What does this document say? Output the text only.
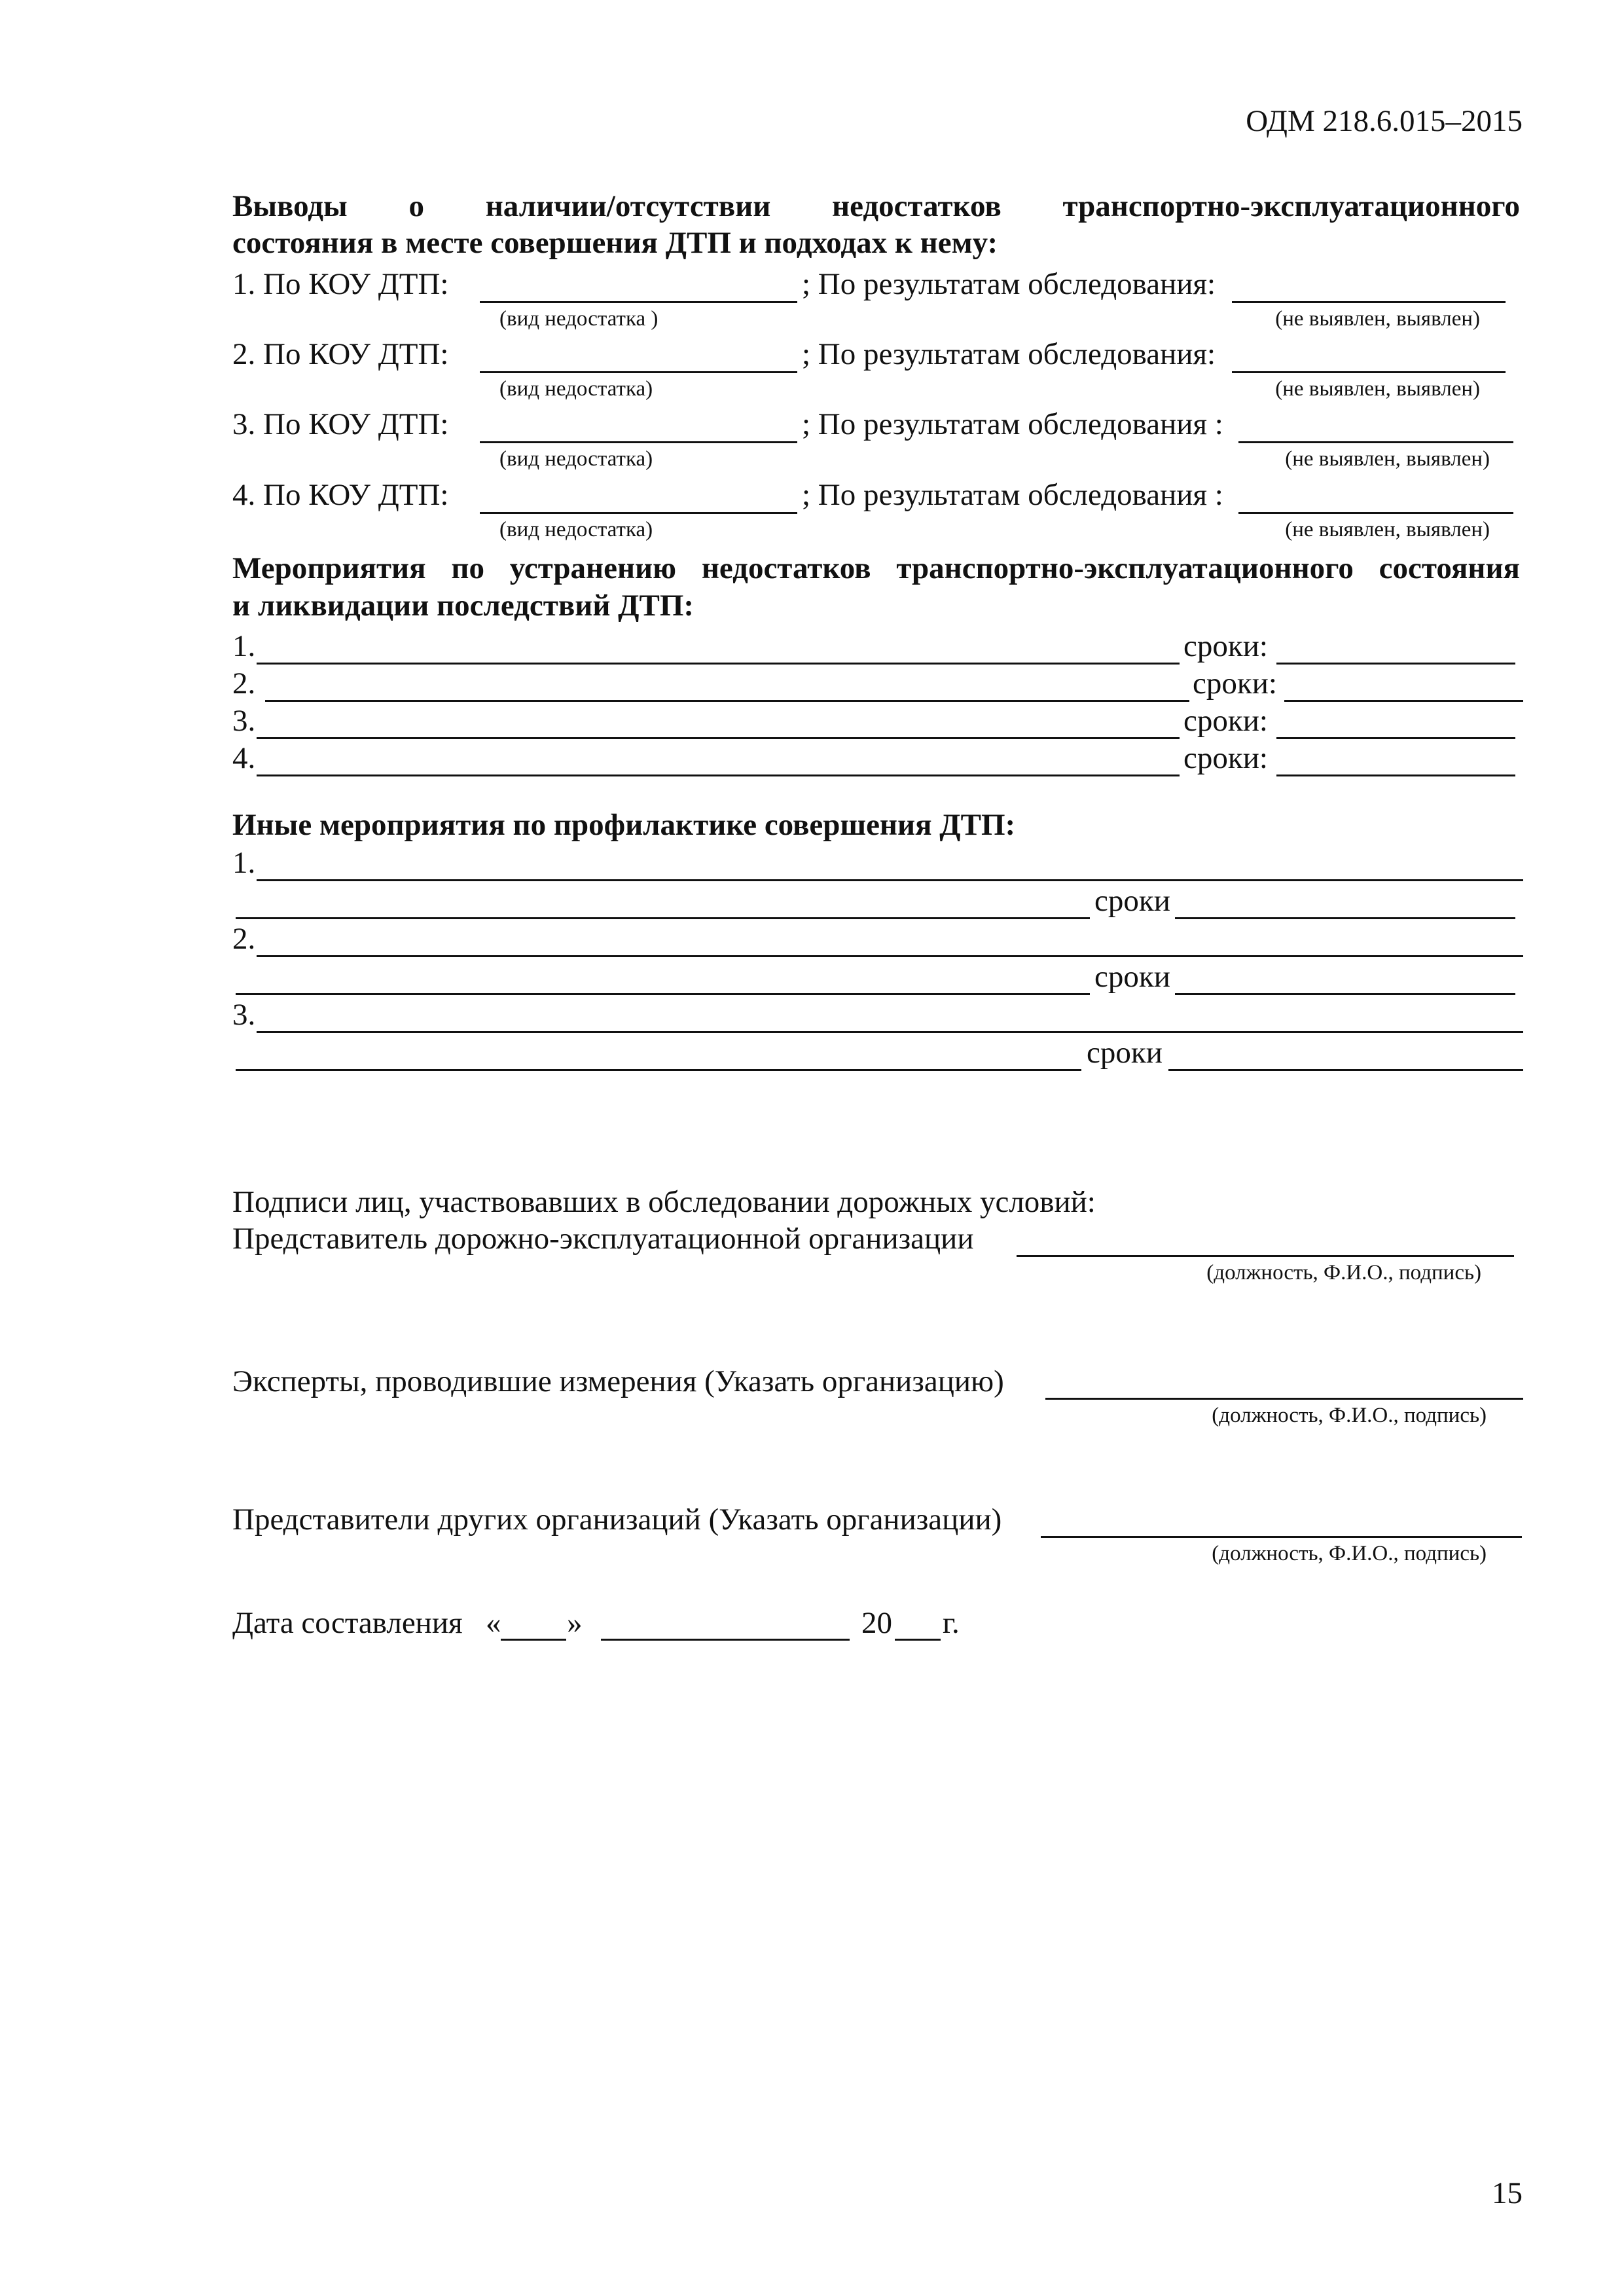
ОДМ 218.6.015–2015
Выводы о наличии/отсутствии недостатков транспортно-эксплуатационного
состояния в месте совершения ДТП и подходах к нему:
1. По КОУ ДТП:	; По результатам обследования:
(вид недостатка )	(не выявлен, выявлен)
2. По КОУ ДТП:	; По результатам обследования:
(вид недостатка)	(не выявлен, выявлен)
3. По КОУ ДТП:	; По результатам обследования :
(вид недостатка)	(не выявлен, выявлен)
4. По КОУ ДТП:	; По результатам обследования :
(вид недостатка)	(не выявлен, выявлен)
Мероприятия по устранению недостатков транспортно-эксплуатационного состояния
и ликвидации последствий ДТП:
1.	сроки:
2.	сроки:
3.	сроки:
4.	сроки:
Иные мероприятия по профилактике совершения ДТП:
1.
сроки
2.
сроки
3.
сроки
Подписи лиц, участвовавших в обследовании дорожных условий:
Представитель дорожно-эксплуатационной организации
(должность, Ф.И.О., подпись)
Эксперты, проводившие измерения (Указать организацию)
(должность, Ф.И.О., подпись)
Представители других организаций (Указать организации)
(должность, Ф.И.О., подпись)
Дата составления « »	20 г.
15
